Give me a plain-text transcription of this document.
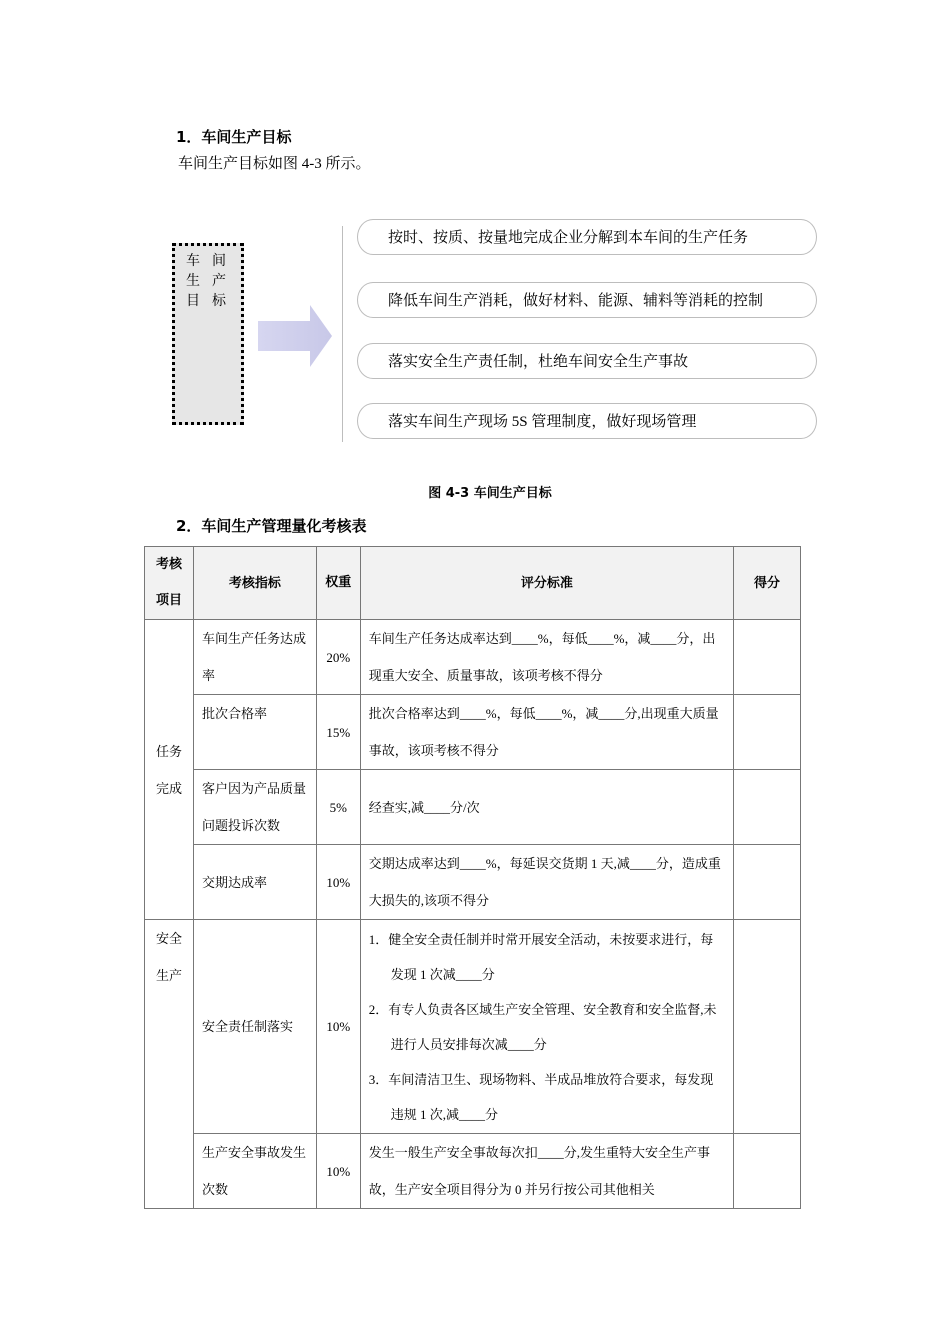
1．车间生产目标
车间生产目标如图 4-3 所示。
车 间
生 产
目 标
按时、按质、按量地完成企业分解到本车间的生产任务
降低车间生产消耗，做好材料、能源、辅料等消耗的控制
落实安全生产责任制，杜绝车间安全生产事故
落实车间生产现场 5S 管理制度，做好现场管理
图 4-3 车间生产目标
2．车间生产管理量化考核表
考核项目	考核指标	权重	评分标准	得分
任务完成	车间生产任务达成率	20%	车间生产任务达成率达到____%，每低____%，减____分，出现重大安全、质量事故，该项考核不得分	
	批次合格率	15%	批次合格率达到____%，每低____%，减____分,出现重大质量事故，该项考核不得分	
	客户因为产品质量问题投诉次数	5%	经查实,减____分/次	
	交期达成率	10%	交期达成率达到____%，每延误交货期 1 天,减____分，造成重大损失的,该项不得分	
安全生产	安全责任制落实	10%	1．健全安全责任制并时常开展安全活动，未按要求进行，每发现 1 次减____分
2．有专人负责各区域生产安全管理、安全教育和安全监督,未进行人员安排每次减____分
3．车间清洁卫生、现场物料、半成品堆放符合要求，每发现违规 1 次,减____分	

	生产安全事故发生次数	10%	发生一般生产安全事故每次扣____分,发生重特大安全生产事故，生产安全项目得分为 0 并另行按公司其他相关	
